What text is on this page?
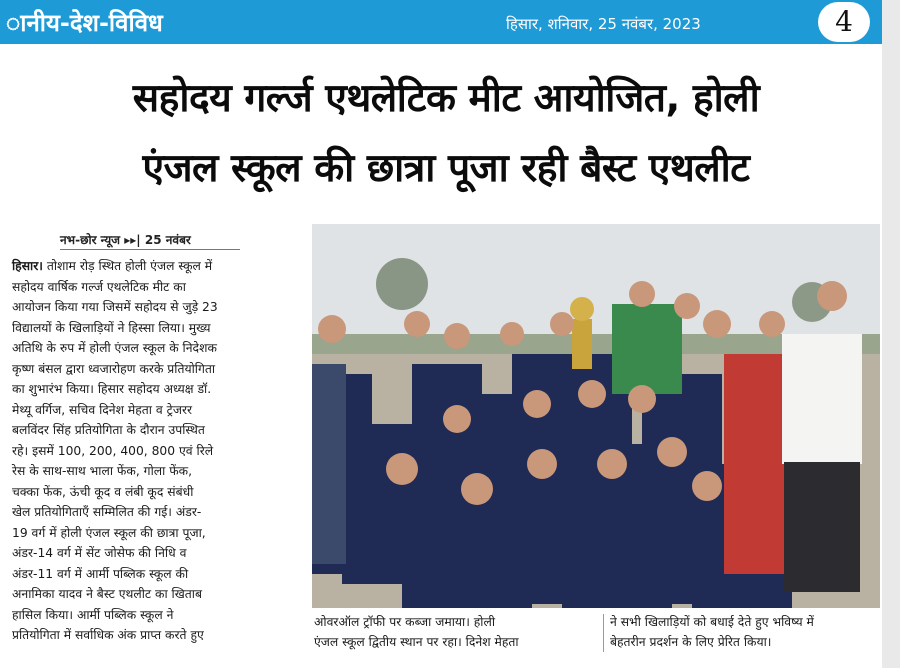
ानीय-देश-विविध	हिसार, शनिवार, 25 नवंबर, 2023	4
सहोदय गर्ल्ज एथलेटिक मीट आयोजित, होली
एंजल स्कूल की छात्रा पूजा रही बैस्ट एथलीट
नभ-छोर न्यूज ▸▸| 25 नवंबर
हिसार। तोशाम रोड़ स्थित होली एंजल स्कूल में
सहोदय वार्षिक गर्ल्ज एथलेटिक मीट का
आयोजन किया गया जिसमें सहोदय से जुड़े 23
विद्यालयों के खिलाड़ियों ने हिस्सा लिया। मुख्य
अतिथि के रुप में होली एंजल स्कूल के निदेशक
कृष्ण बंसल द्वारा ध्वजारोहण करके प्रतियोगिता
का शुभारंभ किया। हिसार सहोदय अध्यक्ष डॉ.
मेथ्यू वर्गिज, सचिव दिनेश मेहता व ट्रेजरर
बलविंदर सिंह प्रतियोगिता के दौरान उपस्थित
रहे। इसमें 100, 200, 400, 800 एवं रिले
रेस के साथ-साथ भाला फेंक, गोला फेंक,
चक्का फेंक, ऊंची कूद व लंबी कूद संबंधी
खेल प्रतियोगिताएँ सम्मिलित की गई। अंडर-
19 वर्ग में होली एंजल स्कूल की छात्रा पूजा,
अंडर-14 वर्ग में सेंट जोसेफ की निधि व
अंडर-11 वर्ग में आर्मी पब्लिक स्कूल की
अनामिका यादव ने बैस्ट एथलीट का खिताब
हासिल किया। आर्मी पब्लिक स्कूल ने
प्रतियोगिता में सर्वाधिक अंक प्राप्त करते हुए
ओवरऑल ट्रॉफी पर कब्जा जमाया। होली
एंजल स्कूल द्वितीय स्थान पर रहा। दिनेश मेहता
ने सभी खिलाड़ियों को बधाई देते हुए भविष्य में
बेहतरीन प्रदर्शन के लिए प्रेरित किया।
